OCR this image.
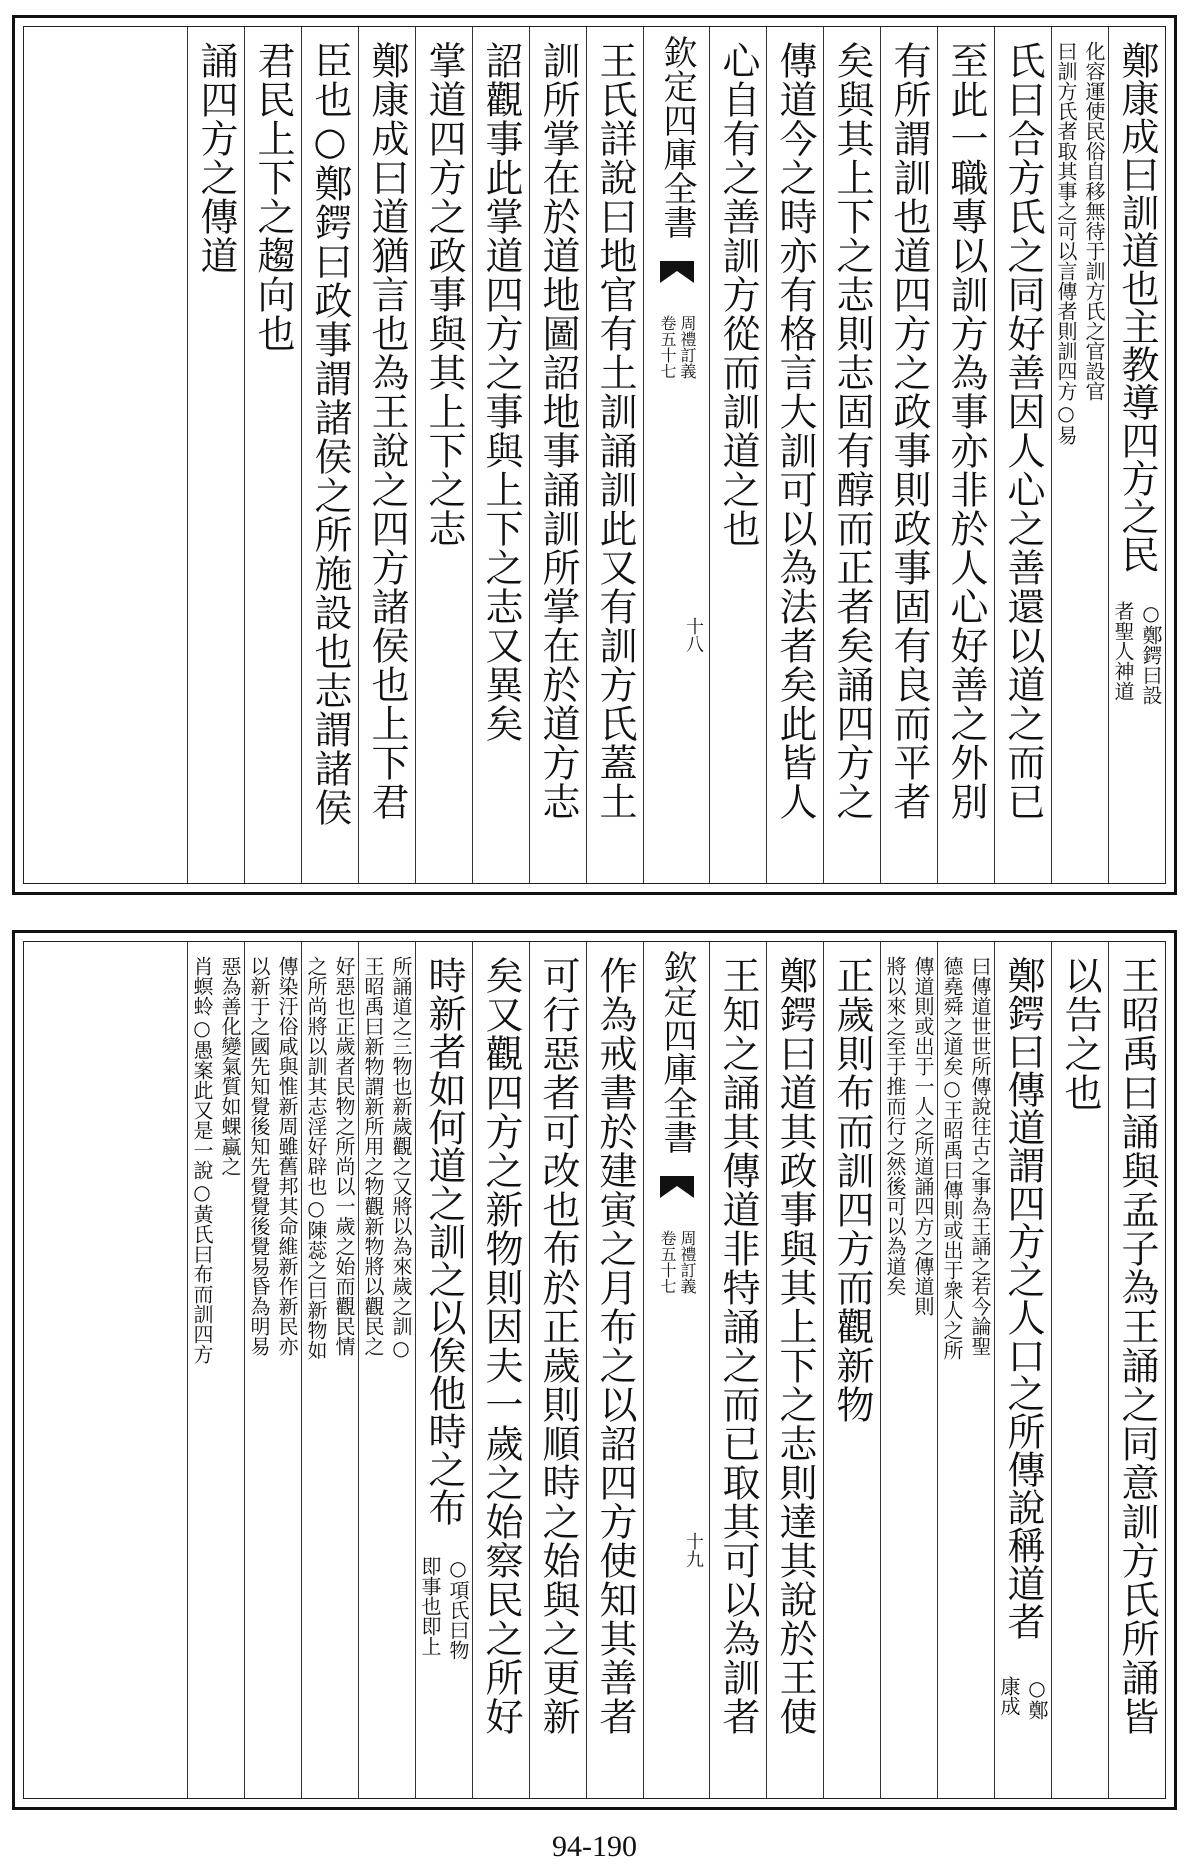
鄭康成曰訓道也主教導四方之民
○鄭鍔曰設
者聖人神道
化容運使民俗自移無待于訓方氏之官設官
曰訓方氏者取其事之可以言傳者則訓四方○易
氏曰合方氏之同好善因人心之善還以道之而已
至此一職專以訓方為事亦非於人心好善之外別
有所謂訓也道四方之政事則政事固有良而平者
矣與其上下之志則志固有醇而正者矣誦四方之
傳道今之時亦有格言大訓可以為法者矣此皆人
心自有之善訓方從而訓道之也
欽定四庫全書
周禮訂義
卷五十七
十八
王氏詳說曰地官有土訓誦訓此又有訓方氏蓋土
訓所掌在於道地圖詔地事誦訓所掌在於道方志
詔觀事此掌道四方之事與上下之志又異矣
掌道四方之政事與其上下之志
鄭康成曰道猶言也為王說之四方諸侯也上下君
臣也○鄭鍔曰政事謂諸侯之所施設也志謂諸侯
君民上下之趨向也
誦四方之傳道
王昭禹曰誦與孟子為王誦之同意訓方氏所誦皆
以告之也
鄭鍔曰傳道謂四方之人口之所傳說稱道者
○鄭
康成
曰傳道世世所傳說往古之事為王誦之若今論聖
德堯舜之道矣○王昭禹曰傳則或出于衆人之所
傳道則或出于一人之所道誦四方之傳道則
將以來之至于推而行之然後可以為道矣
正歲則布而訓四方而觀新物
鄭鍔曰道其政事與其上下之志則達其說於王使
王知之誦其傳道非特誦之而已取其可以為訓者
欽定四庫全書
周禮訂義
卷五十七
十九
作為戒書於建寅之月布之以詔四方使知其善者
可行惡者可改也布於正歲則順時之始與之更新
矣又觀四方之新物則因夫一歲之始察民之所好
時新者如何道之訓之以俟他時之布
○項氏曰物
即事也即上
所誦道之三物也新歲觀之又將以為來歲之訓○
王昭禹曰新物謂新所用之物觀新物將以觀民之
好惡也正歲者民物之所尚以一歲之始而觀民情
之所尚將以訓其志淫好辟也○陳蕊之曰新物如
傳染汙俗咸與惟新周雖舊邦其命維新作新民亦
以新于之國先知覺後知先覺覺後覺易昏為明易
惡為善化變氣質如蜾蠃之
肖螟蛉○愚案此又是一說○黃氏曰布而訓四方
94-190
